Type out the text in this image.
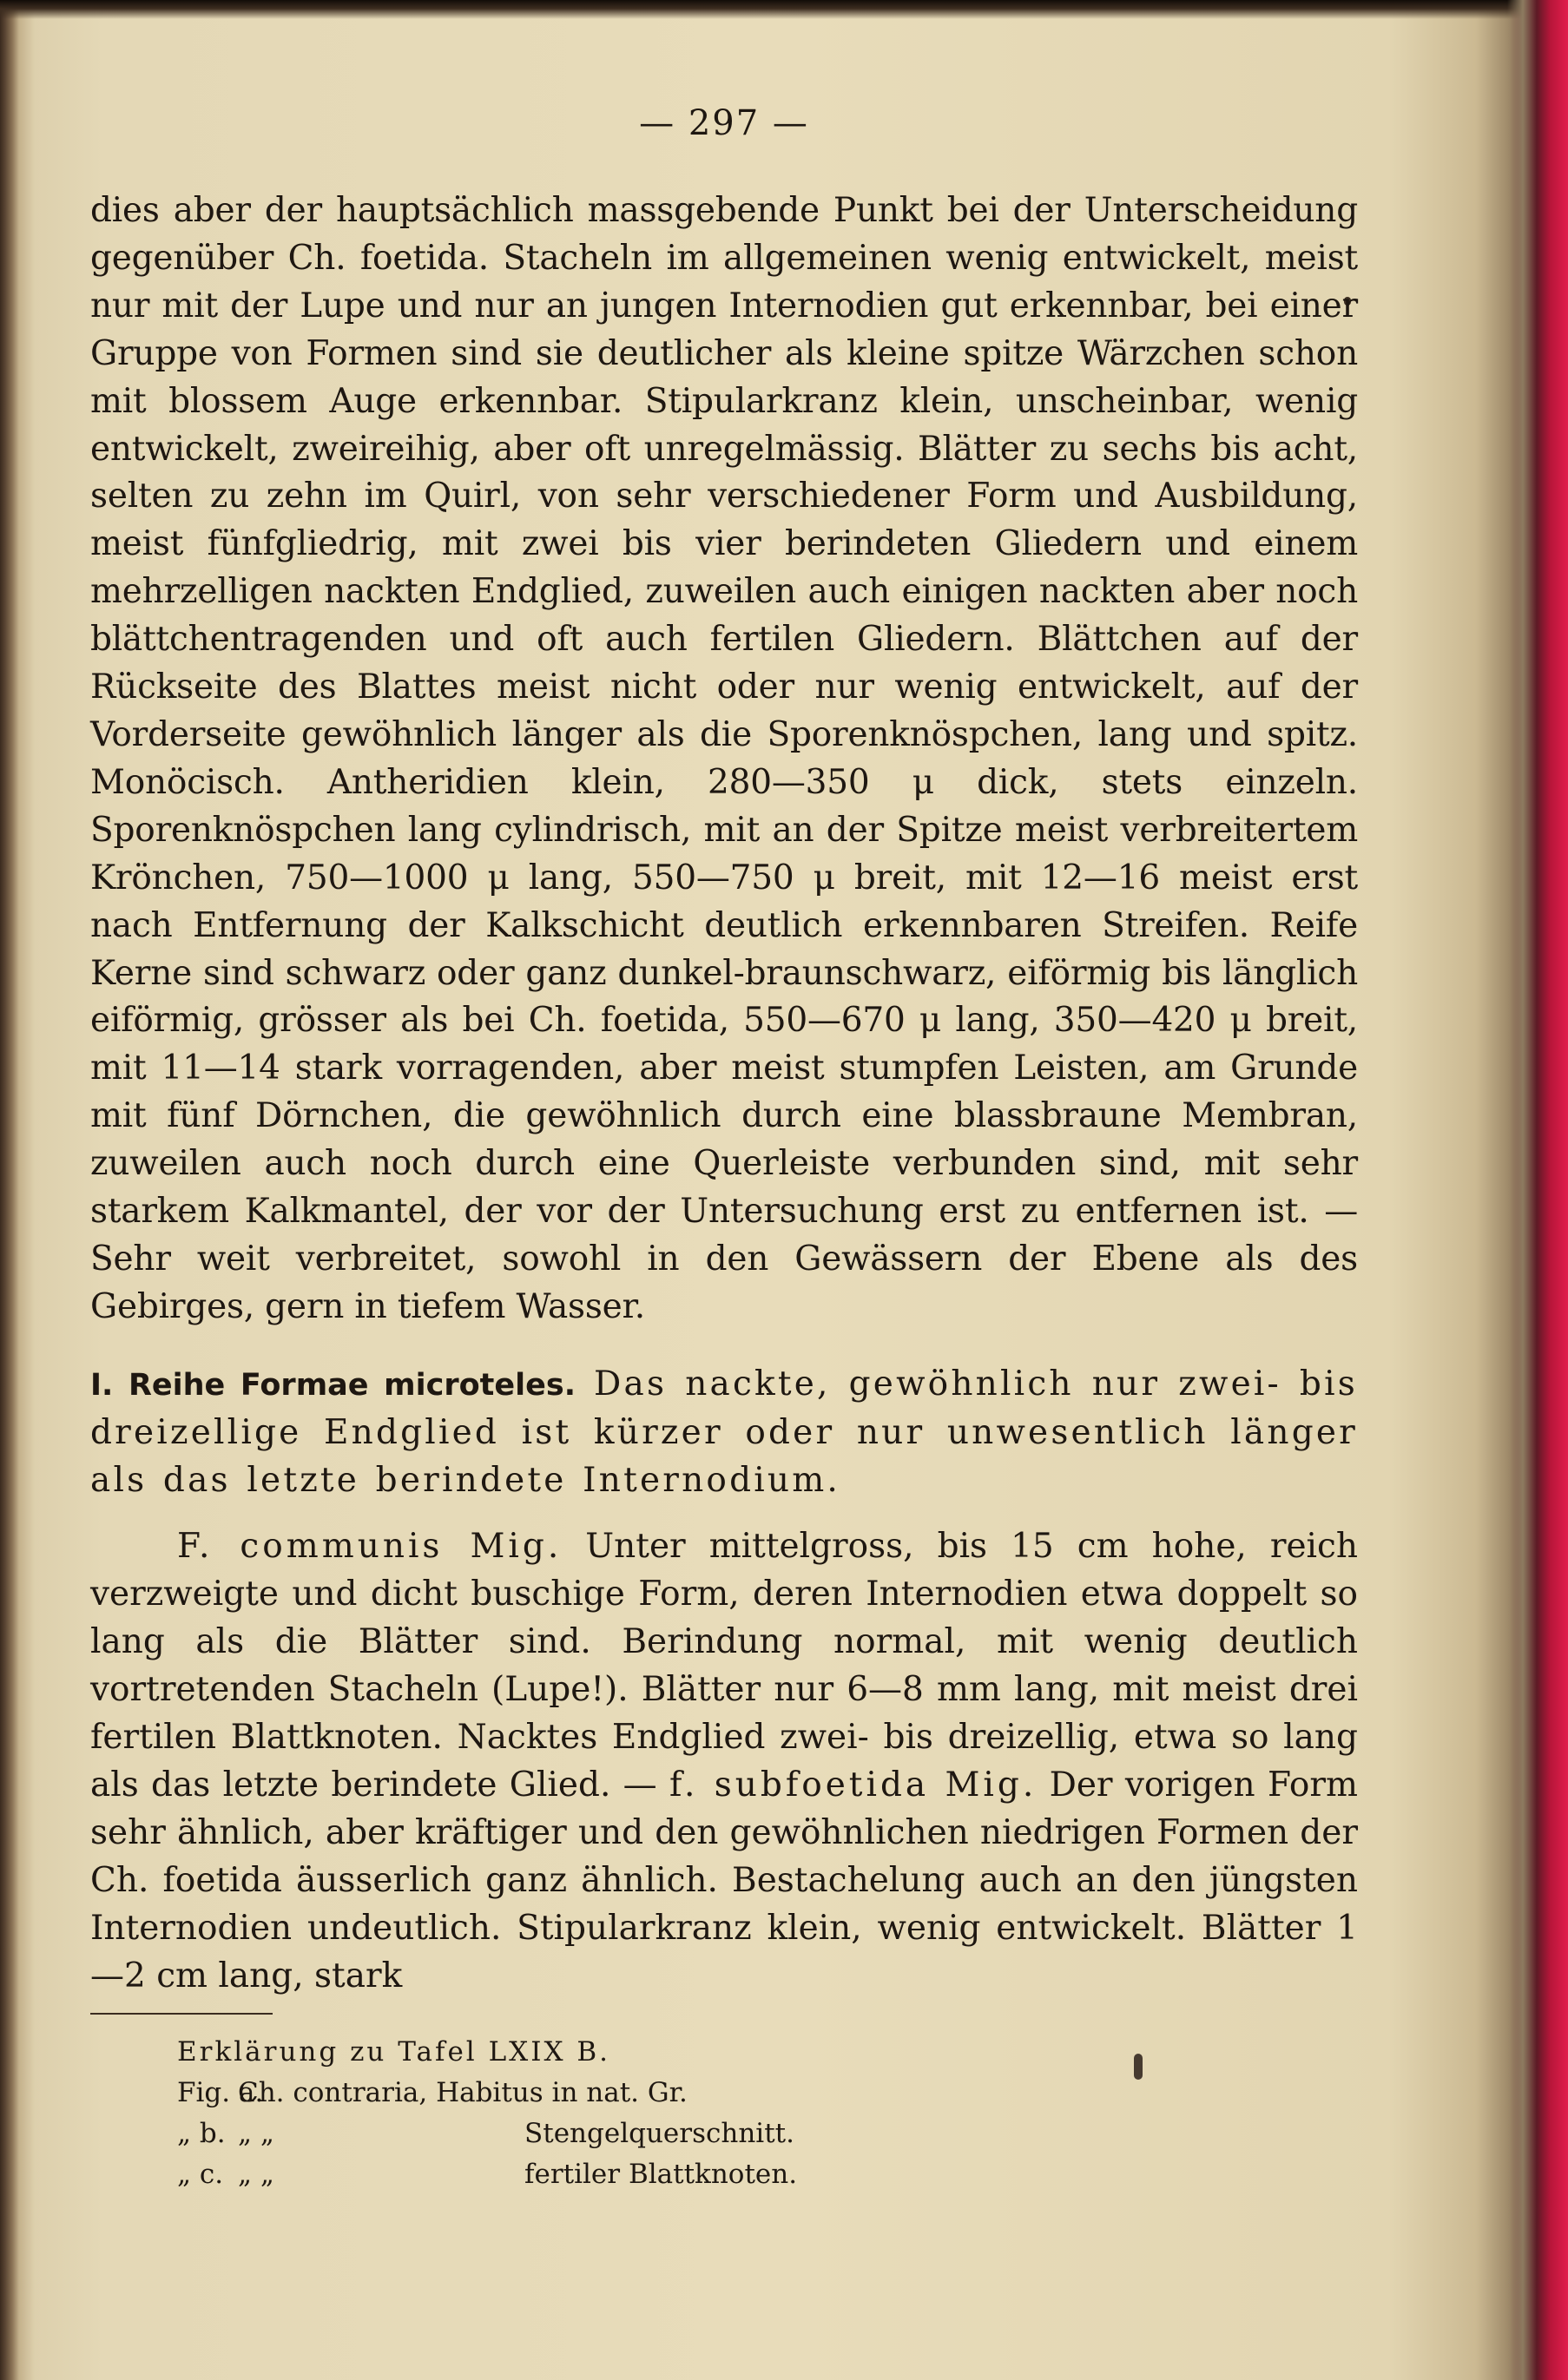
— 297 —

dies aber der hauptsächlich massgebende Punkt bei der Unterscheidung gegenüber Ch. foetida. Stacheln im allgemeinen wenig entwickelt, meist nur mit der Lupe und nur an jungen Internodien gut erkennbar, bei einer Gruppe von Formen sind sie deutlicher als kleine spitze Wärzchen schon mit blossem Auge erkennbar. Stipularkranz klein, unscheinbar, wenig entwickelt, zweireihig, aber oft unregelmässig. Blätter zu sechs bis acht, selten zu zehn im Quirl, von sehr verschiedener Form und Ausbildung, meist fünfgliedrig, mit zwei bis vier berindeten Gliedern und einem mehrzelligen nackten Endglied, zuweilen auch einigen nackten aber noch blättchentragenden und oft auch fertilen Gliedern. Blättchen auf der Rückseite des Blattes meist nicht oder nur wenig entwickelt, auf der Vorderseite gewöhnlich länger als die Sporenknöspchen, lang und spitz. Monöcisch. Antheridien klein, 280—350 μ dick, stets einzeln. Sporenknöspchen lang cylindrisch, mit an der Spitze meist verbreitertem Krönchen, 750—1000 μ lang, 550—750 μ breit, mit 12—16 meist erst nach Entfernung der Kalkschicht deutlich erkennbaren Streifen. Reife Kerne sind schwarz oder ganz dunkel-braunschwarz, eiförmig bis länglich eiförmig, grösser als bei Ch. foetida, 550—670 μ lang, 350—420 μ breit, mit 11—14 stark vorragenden, aber meist stumpfen Leisten, am Grunde mit fünf Dörnchen, die gewöhnlich durch eine blassbraune Membran, zuweilen auch noch durch eine Querleiste verbunden sind, mit sehr starkem Kalkmantel, der vor der Untersuchung erst zu entfernen ist. — Sehr weit verbreitet, sowohl in den Gewässern der Ebene als des Gebirges, gern in tiefem Wasser.

I. Reihe Formae microteles. Das nackte, gewöhnlich nur zwei- bis dreizellige Endglied ist kürzer oder nur unwesentlich länger als das letzte berindete Internodium.

F. communis Mig. Unter mittelgross, bis 15 cm hohe, reich verzweigte und dicht buschige Form, deren Internodien etwa doppelt so lang als die Blätter sind. Berindung normal, mit wenig deutlich vortretenden Stacheln (Lupe!). Blätter nur 6—8 mm lang, mit meist drei fertilen Blattknoten. Nacktes Endglied zwei- bis dreizellig, etwa so lang als das letzte berindete Glied. — f. subfoetida Mig. Der vorigen Form sehr ähnlich, aber kräftiger und den gewöhnlichen niedrigen Formen der Ch. foetida äusserlich ganz ähnlich. Bestachelung auch an den jüngsten Internodien undeutlich. Stipularkranz klein, wenig entwickelt. Blätter 1—2 cm lang, stark

Erklärung zu Tafel LXIX B.
Fig. a.
Ch. contraria, Habitus in nat. Gr.
„ b. „ „	Stengelquerschnitt.
„ c. „ „	fertiler Blattknoten.
